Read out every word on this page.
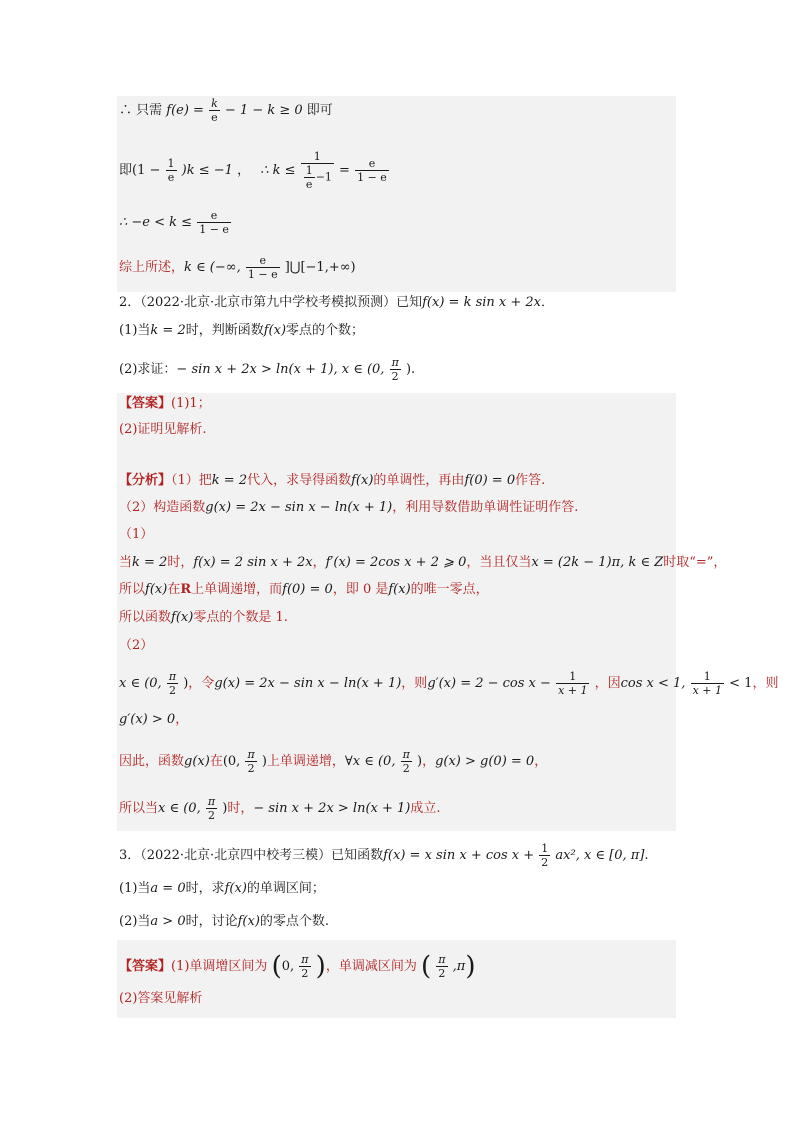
∴ 只需 $f(e) = \frac{k}{e} - 1 - k \ge 0$ 即可
即$(1 - \frac{1}{e} )k \le -1$ ， ∴ $k \le \frac{1}{\frac{1}{e} -1} = \frac{e}{1 - e}$
∴ $-e < k \le \frac{e}{1 - e}$
综上所述，k ∈ (−∞, $\frac{e}{1 - e}$ ]⋃[−1,+∞)
2．（2022·北京·北京市第九中学校考模拟预测）已知f(x) = k sin x + 2x．
(1)当k = 2时，判断函数f(x)零点的个数；
(2)求证：− sin x + 2x > ln(x + 1), x ∈ (0, $\frac{\pi}{2}$ ).
【答案】(1)1；
(2)证明见解析.
【分析】（1）把k = 2代入，求导得函数f(x)的单调性，再由f(0) = 0作答.
（2）构造函数g(x) = 2x − sin x − ln(x + 1)，利用导数借助单调性证明作答.
（1）
当k = 2时，f(x) = 2 sin x + 2x，f′(x) = 2cos x + 2 ⩾ 0，当且仅当x = (2k − 1)π, k ∈ Z时取“=”，
所以f(x)在R上单调递增，而f(0) = 0，即 0 是f(x)的唯一零点，
所以函数f(x)零点的个数是 1.
（2）
x ∈ (0, $\frac{\pi}{2}$ )，令g(x) = 2x − sin x − ln(x + 1)，则$g'(x) = 2 - \cos x - \frac{1}{x + 1}$ ，因cos x < 1, $\frac{1}{x + 1} < 1$，则
g′(x) > 0，
因此，函数g(x)在(0, $\frac{\pi}{2}$ )上单调递增，∀x ∈ (0, $\frac{\pi}{2}$ )，g(x) > g(0) = 0，
所以当x ∈ (0, $\frac{\pi}{2}$ )时，− sin x + 2x > ln(x + 1)成立.
3．（2022·北京·北京四中校考三模）已知函数f(x) = x $\sin x + \cos x + \frac{1}{2} ax^2$, x ∈ [0, π].
(1)当a = 0时，求f(x)的单调区间；
(2)当a > 0时，讨论f(x)的零点个数.
【答案】(1)单调增区间为 (0, $\frac{\pi}{2}$ )，单调减区间为 ( $\frac{\pi}{2} ,\pi$)
(2)答案见解析
